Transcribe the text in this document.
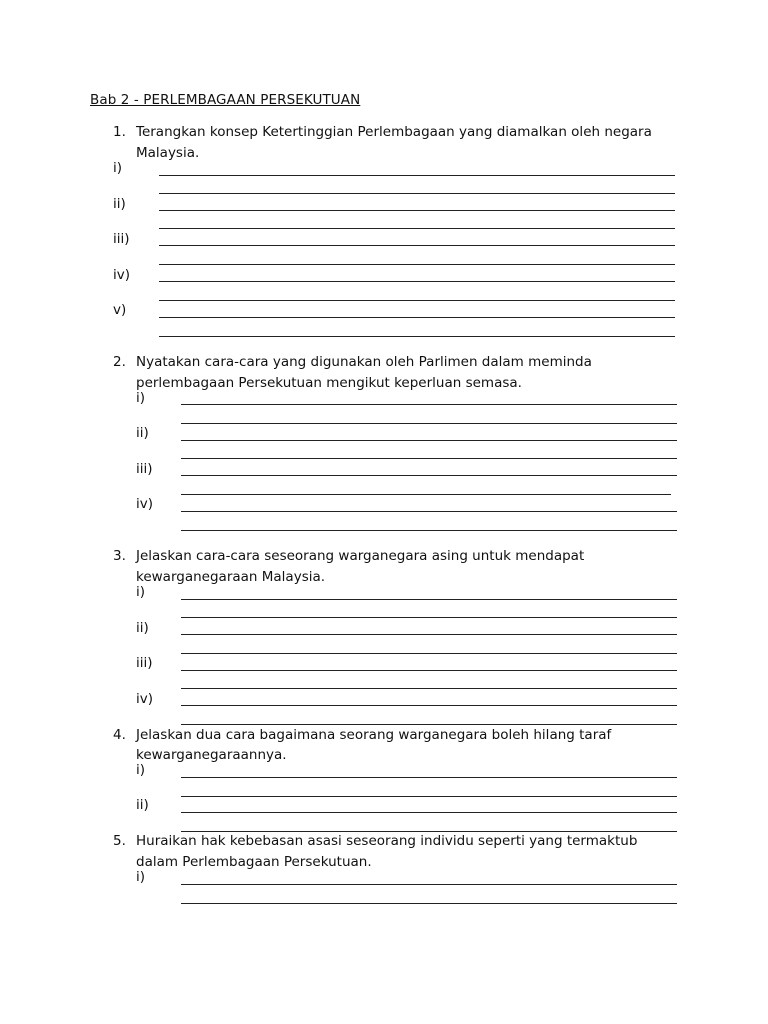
Bab 2 - PERLEMBAGAAN PERSEKUTUAN
1. Terangkan konsep Ketertinggian Perlembagaan yang diamalkan oleh negara
Malaysia.
i)
ii)
iii)
iv)
v)
2. Nyatakan cara-cara yang digunakan oleh Parlimen dalam meminda
perlembagaan Persekutuan mengikut keperluan semasa.
i)
ii)
iii)
iv)
3. Jelaskan cara-cara seseorang warganegara asing untuk mendapat
kewarganegaraan Malaysia.
i)
ii)
iii)
iv)
4. Jelaskan dua cara bagaimana seorang warganegara boleh hilang taraf
kewarganegaraannya.
i)
ii)
5. Huraikan hak kebebasan asasi seseorang individu seperti yang termaktub
dalam Perlembagaan Persekutuan.
i)
